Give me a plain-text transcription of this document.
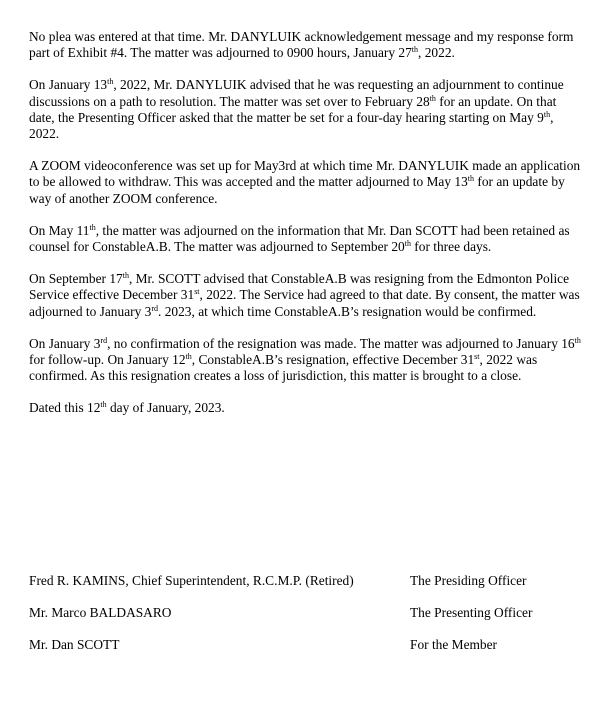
No plea was entered at that time. Mr. DANYLUIK acknowledgement message and my response form part of Exhibit #4. The matter was adjourned to 0900 hours, January 27th, 2022.

On January 13th, 2022, Mr. DANYLUIK advised that he was requesting an adjournment to continue discussions on a path to resolution. The matter was set over to February 28th for an update. On that date, the Presenting Officer asked that the matter be set for a four-day hearing starting on May 9th, 2022.

A ZOOM videoconference was set up for May3rd at which time Mr. DANYLUIK made an application to be allowed to withdraw. This was accepted and the matter adjourned to May 13th for an update by way of another ZOOM conference.

On May 11th, the matter was adjourned on the information that Mr. Dan SCOTT had been retained as counsel for ConstableA.B. The matter was adjourned to September 20th for three days.

On September 17th, Mr. SCOTT advised that ConstableA.B was resigning from the Edmonton Police Service effective December 31st, 2022. The Service had agreed to that date. By consent, the matter was adjourned to January 3rd. 2023, at which time ConstableA.B’s resignation would be confirmed.

On January 3rd, no confirmation of the resignation was made. The matter was adjourned to January 16th for follow-up. On January 12th, ConstableA.B’s resignation, effective December 31st, 2022 was confirmed. As this resignation creates a loss of jurisdiction, this matter is brought to a close.

Dated this 12th day of January, 2023.

Fred R. KAMINS, Chief Superintendent, R.C.M.P. (Retired)	The Presiding Officer
Mr. Marco BALDASARO	The Presenting Officer
Mr. Dan SCOTT	For the Member
